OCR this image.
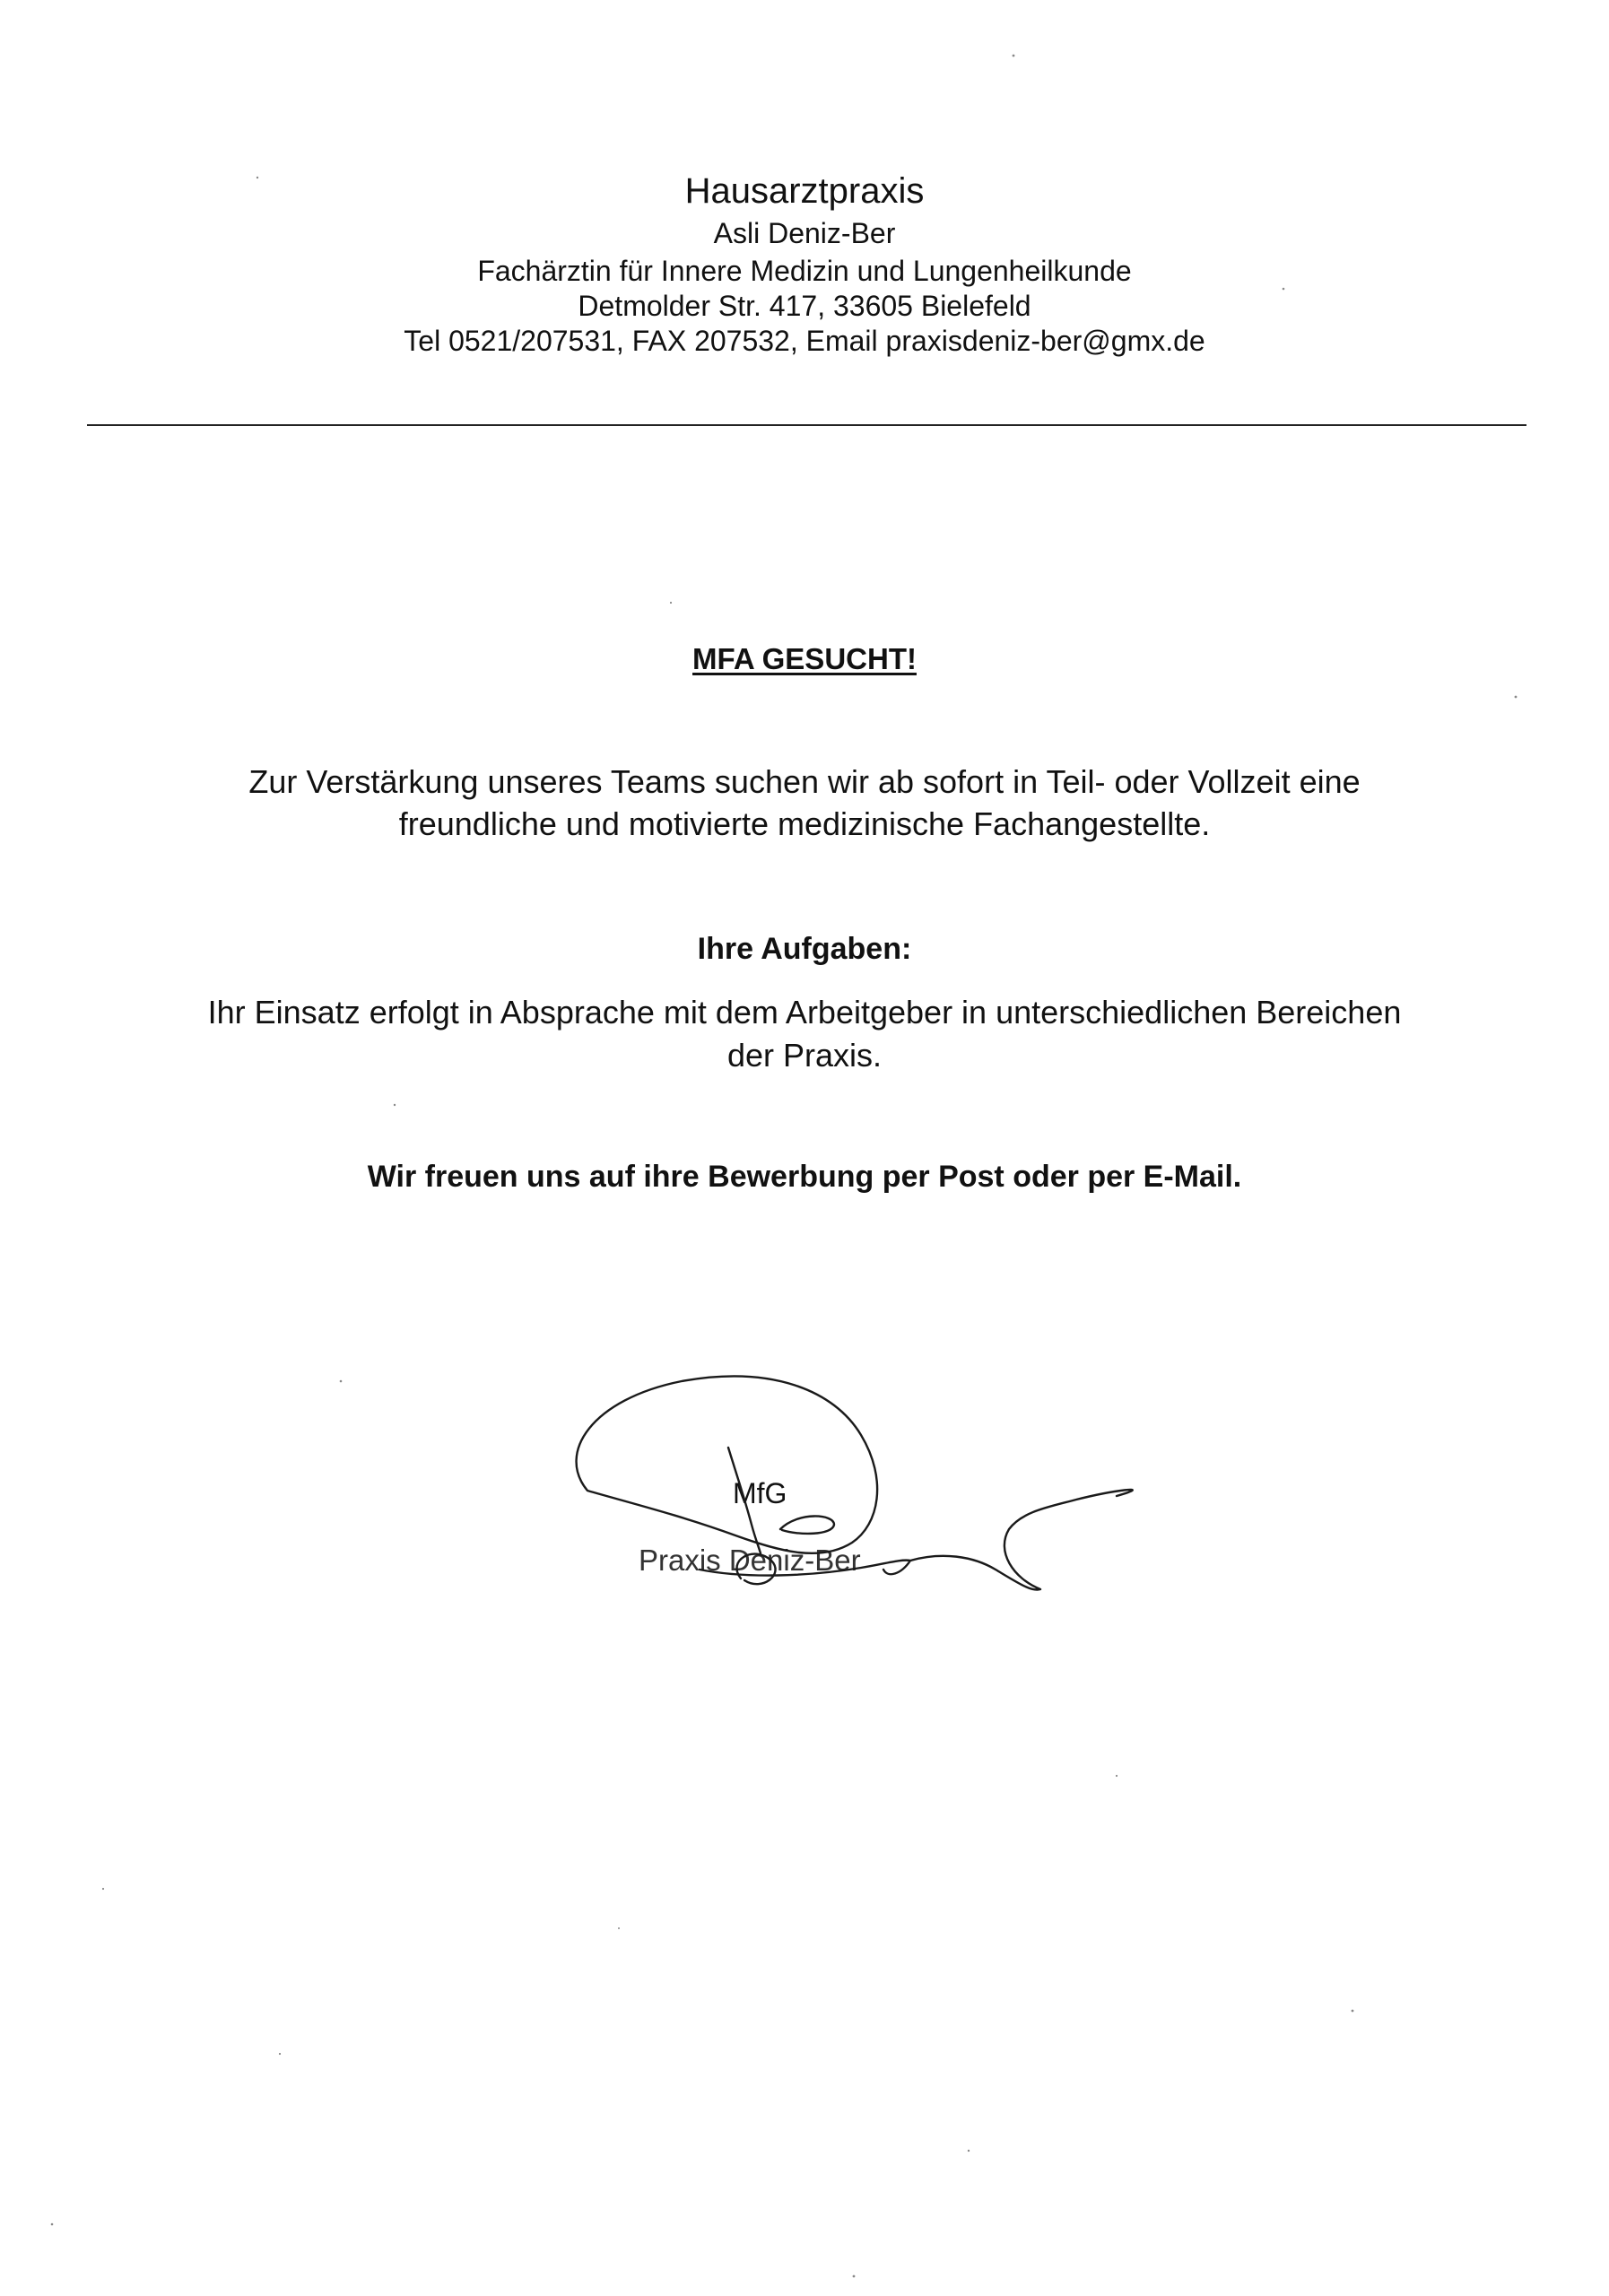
Hausarztpraxis
Asli Deniz-Ber
Fachärztin für Innere Medizin und Lungenheilkunde
Detmolder Str. 417, 33605 Bielefeld
Tel 0521/207531, FAX 207532, Email praxisdeniz-ber@gmx.de
MFA GESUCHT!
Zur Verstärkung unseres Teams suchen wir ab sofort in Teil- oder Vollzeit eine
freundliche und motivierte medizinische Fachangestellte.
Ihre Aufgaben:
Ihr Einsatz erfolgt in Absprache mit dem Arbeitgeber in unterschiedlichen Bereichen
der Praxis.
Wir freuen uns auf ihre Bewerbung per Post oder per E-Mail.
MfG
Praxis Deniz-Ber
